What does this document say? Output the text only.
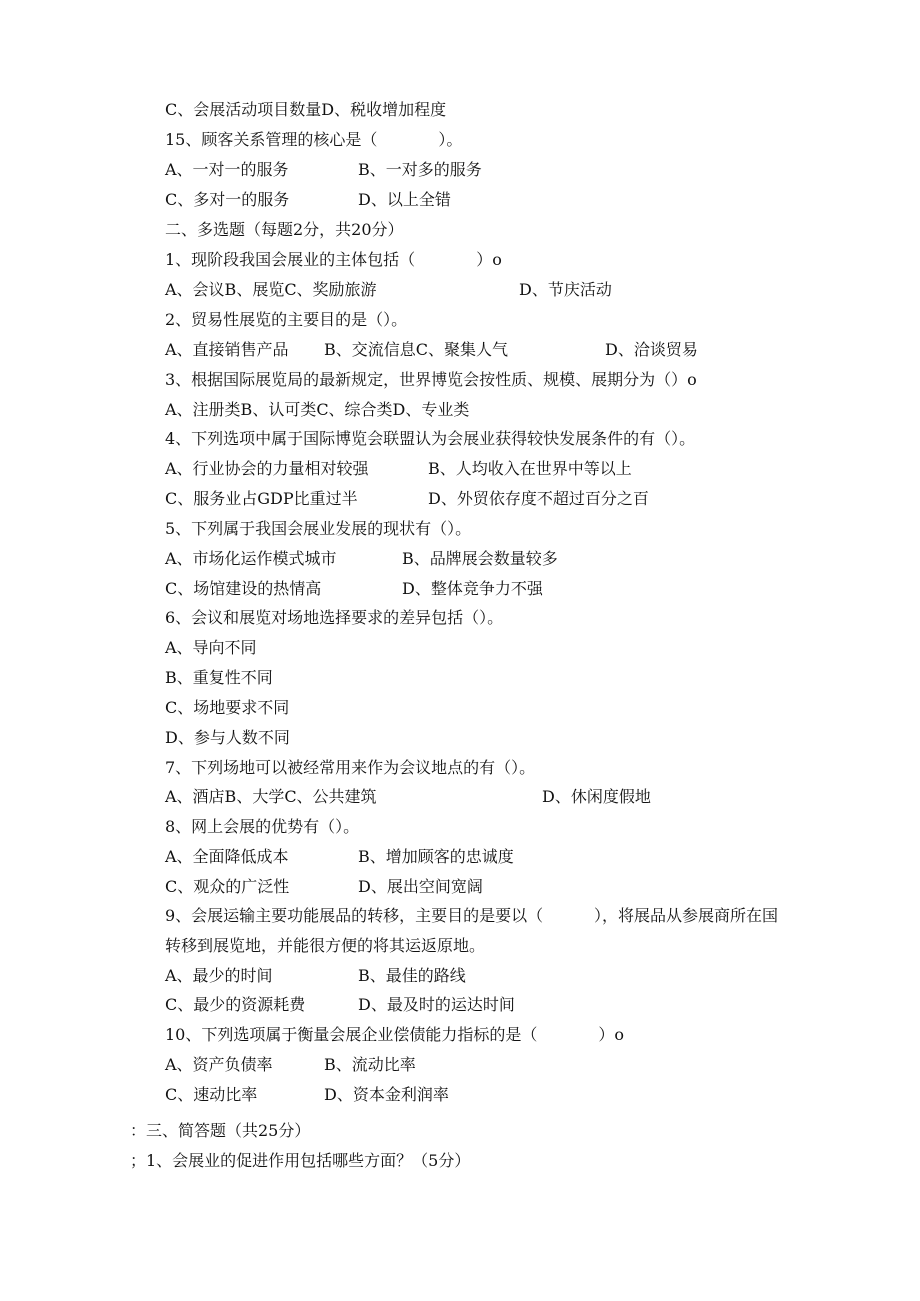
C、会展活动项目数量D、税收增加程度

15、顾客关系管理的核心是（            ）。

A、一对一的服务

	B、一对多的服务

C、多对一的服务

	D、以上全错

二、多选题（每题2分，共20分）

1、现阶段我国会展业的主体包括（            ）o

A、会议B、展览C、奖励旅游

	D、节庆活动

2、贸易性展览的主要目的是（）。

A、直接销售产品

B、交流信息C、聚集人气

	D、洽谈贸易

3、根据国际展览局的最新规定，世界博览会按性质、规模、展期分为（）o

A、注册类B、认可类C、综合类D、专业类

4、下列选项中属于国际博览会联盟认为会展业获得较快发展条件的有（）。

A、行业协会的力量相对较强

	B、人均收入在世界中等以上

C、服务业占GDP比重过半

	D、外贸依存度不超过百分之百

5、下列属于我国会展业发展的现状有（）。

A、市场化运作模式城市

	B、品牌展会数量较多

C、场馆建设的热情高

	D、整体竞争力不强

6、会议和展览对场地选择要求的差异包括（）。

A、导向不同

B、重复性不同

C、场地要求不同

D、参与人数不同

7、下列场地可以被经常用来作为会议地点的有（）。

A、酒店B、大学C、公共建筑

	D、休闲度假地

8、网上会展的优势有（）。

A、全面降低成本

	B、增加顾客的忠诚度

C、观众的广泛性

	D、展出空间宽阔

9、会展运输主要功能展品的转移，主要目的是要以（          ），将展品从参展商所在国

转移到展览地，并能很方便的将其运返原地。

A、最少的时间

	B、最佳的路线

C、最少的资源耗费

	D、最及时的运达时间

10、下列选项属于衡量会展企业偿债能力指标的是（            ）o

A、资产负债率

	B、流动比率

C、速动比率

	D、资本金利润率

：三、简答题（共25分）

；1、会展业的促进作用包括哪些方面？（5分）
